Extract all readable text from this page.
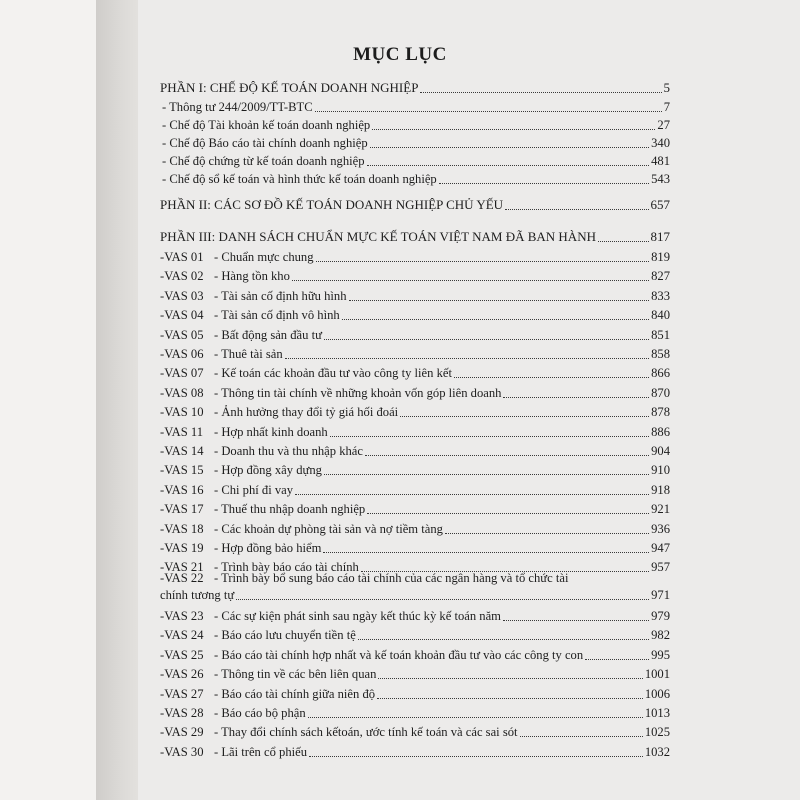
MỤC LỤC
PHẦN I: CHẾ ĐỘ KẾ TOÁN DOANH NGHIỆP	5
- Thông tư 244/2009/TT-BTC	7
- Chế độ Tài khoản kế toán doanh nghiệp	27
- Chế độ Báo cáo tài chính doanh nghiệp	340
- Chế độ chứng từ kế toán doanh nghiệp	481
- Chế độ sổ kế toán và hình thức kế toán doanh nghiệp	543
PHẦN II: CÁC SƠ ĐỒ KẾ TOÁN DOANH NGHIỆP CHỦ YẾU	657
PHẦN III: DANH SÁCH CHUẨN MỰC KẾ TOÁN VIỆT NAM ĐÃ BAN HÀNH	817
-VAS 01 - Chuẩn mực chung	819
-VAS 02 - Hàng tồn kho	827
-VAS 03 - Tài sản cố định hữu hình	833
-VAS 04 - Tài sản cố định vô hình	840
-VAS 05 - Bất động sản đầu tư	851
-VAS 06 - Thuê tài sản	858
-VAS 07 - Kế toán các khoản đầu tư vào công ty liên kết	866
-VAS 08 - Thông tin tài chính về những khoản vốn góp liên doanh	870
-VAS 10 - Ảnh hưởng thay đổi tỷ giá hối đoái	878
-VAS 11 - Hợp nhất kinh doanh	886
-VAS 14 - Doanh thu và thu nhập khác	904
-VAS 15 - Hợp đồng xây dựng	910
-VAS 16 - Chi phí đi vay	918
-VAS 17 - Thuế thu nhập doanh nghiệp	921
-VAS 18 - Các khoản dự phòng tài sản và nợ tiềm tàng	936
-VAS 19 - Hợp đồng bảo hiểm	947
-VAS 21 - Trình bày báo cáo tài chính	957
-VAS 22 - Trình bày bổ sung báo cáo tài chính của các ngân hàng và tổ chức tài
chính tương tự	971
-VAS 23 - Các sự kiện phát sinh sau ngày kết thúc kỳ kế toán năm	979
-VAS 24 - Báo cáo lưu chuyển tiền tệ	982
-VAS 25 - Báo cáo tài chính hợp nhất và kế toán khoản đầu tư vào các công ty con	995
-VAS 26 - Thông tin về các bên liên quan	1001
-VAS 27 - Báo cáo tài chính giữa niên độ	1006
-VAS 28 - Báo cáo bộ phận	1013
-VAS 29 - Thay đổi chính sách kếtoán, ước tính kế toán và các sai sót	1025
-VAS 30 - Lãi trên cổ phiếu	1032
